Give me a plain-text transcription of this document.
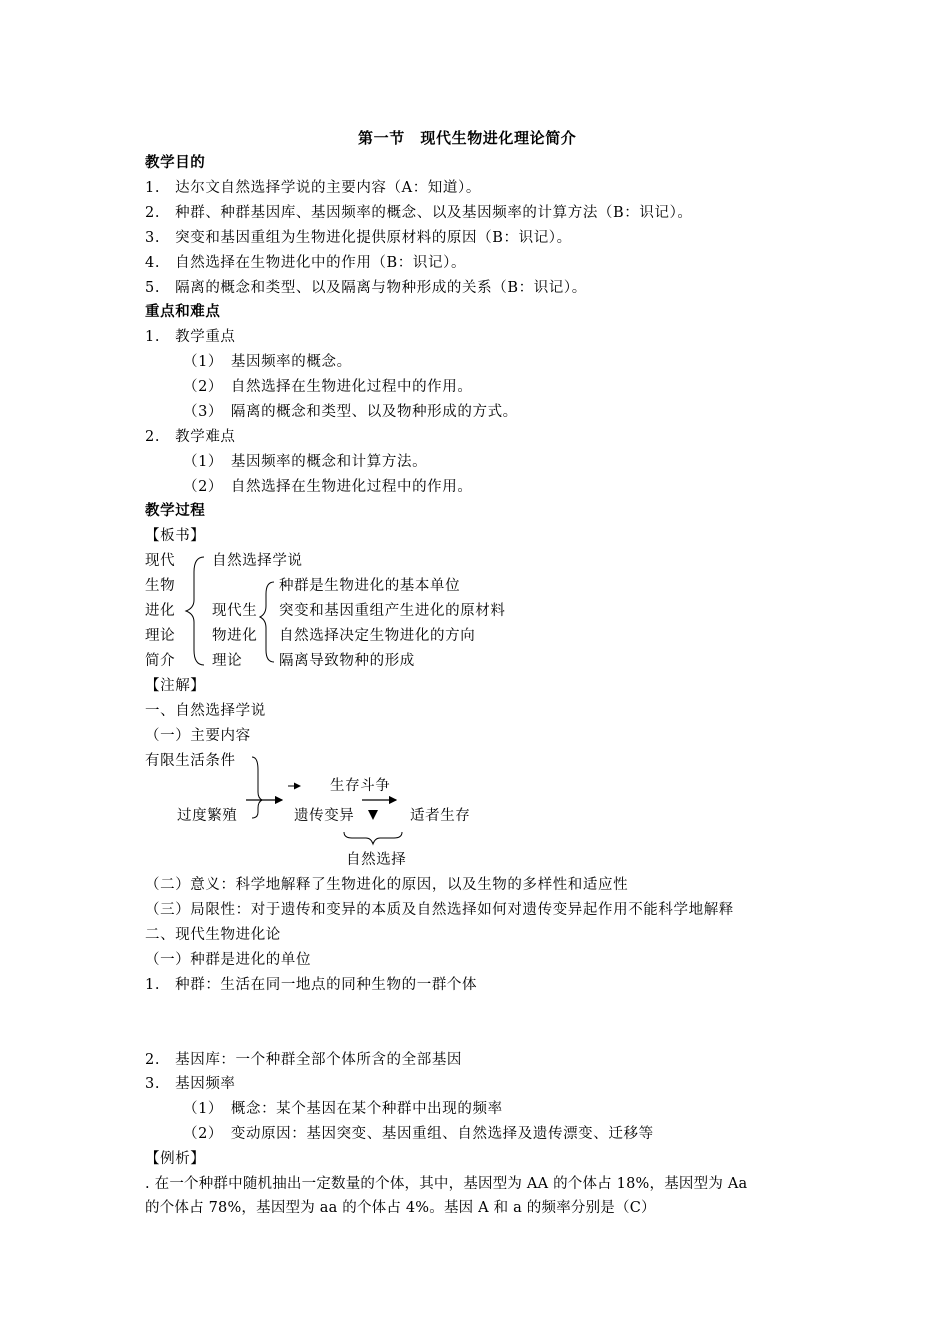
第一节　现代生物进化理论简介
教学目的
1.　达尔文自然选择学说的主要内容（A：知道）。
2.　种群、种群基因库、基因频率的概念、以及基因频率的计算方法（B：识记）。
3.　突变和基因重组为生物进化提供原材料的原因（B：识记）。
4.　自然选择在生物进化中的作用（B：识记）。
5.　隔离的概念和类型、以及隔离与物种形成的关系（B：识记）。
重点和难点
1.　教学重点
（1）　基因频率的概念。
（2）　自然选择在生物进化过程中的作用。
（3）　隔离的概念和类型、以及物种形成的方式。
2.　教学难点
（1）　基因频率的概念和计算方法。
（2）　自然选择在生物进化过程中的作用。
教学过程
【板书】
现代
生物
进化
理论
简介
自然选择学说
现代生
物进化
理论
种群是生物进化的基本单位
突变和基因重组产生进化的原材料
自然选择决定生物进化的方向
隔离导致物种的形成
【注解】
一、自然选择学说
（一）主要内容
有限生活条件
生存斗争
过度繁殖	遗传变异	适者生存
自然选择
（二）意义：科学地解释了生物进化的原因，以及生物的多样性和适应性
（三）局限性：对于遗传和变异的本质及自然选择如何对遗传变异起作用不能科学地解释
二、现代生物进化论
（一）种群是进化的单位
1.　种群：生活在同一地点的同种生物的一群个体
2.　基因库：一个种群全部个体所含的全部基因
3.　基因频率
（1）　概念：某个基因在某个种群中出现的频率
（2）　变动原因：基因突变、基因重组、自然选择及遗传漂变、迁移等
【例析】
. 在一个种群中随机抽出一定数量的个体，其中，基因型为 AA 的个体占 18%，基因型为 Aa
的个体占 78%，基因型为 aa 的个体占 4%。基因 A 和 a 的频率分别是（C）
